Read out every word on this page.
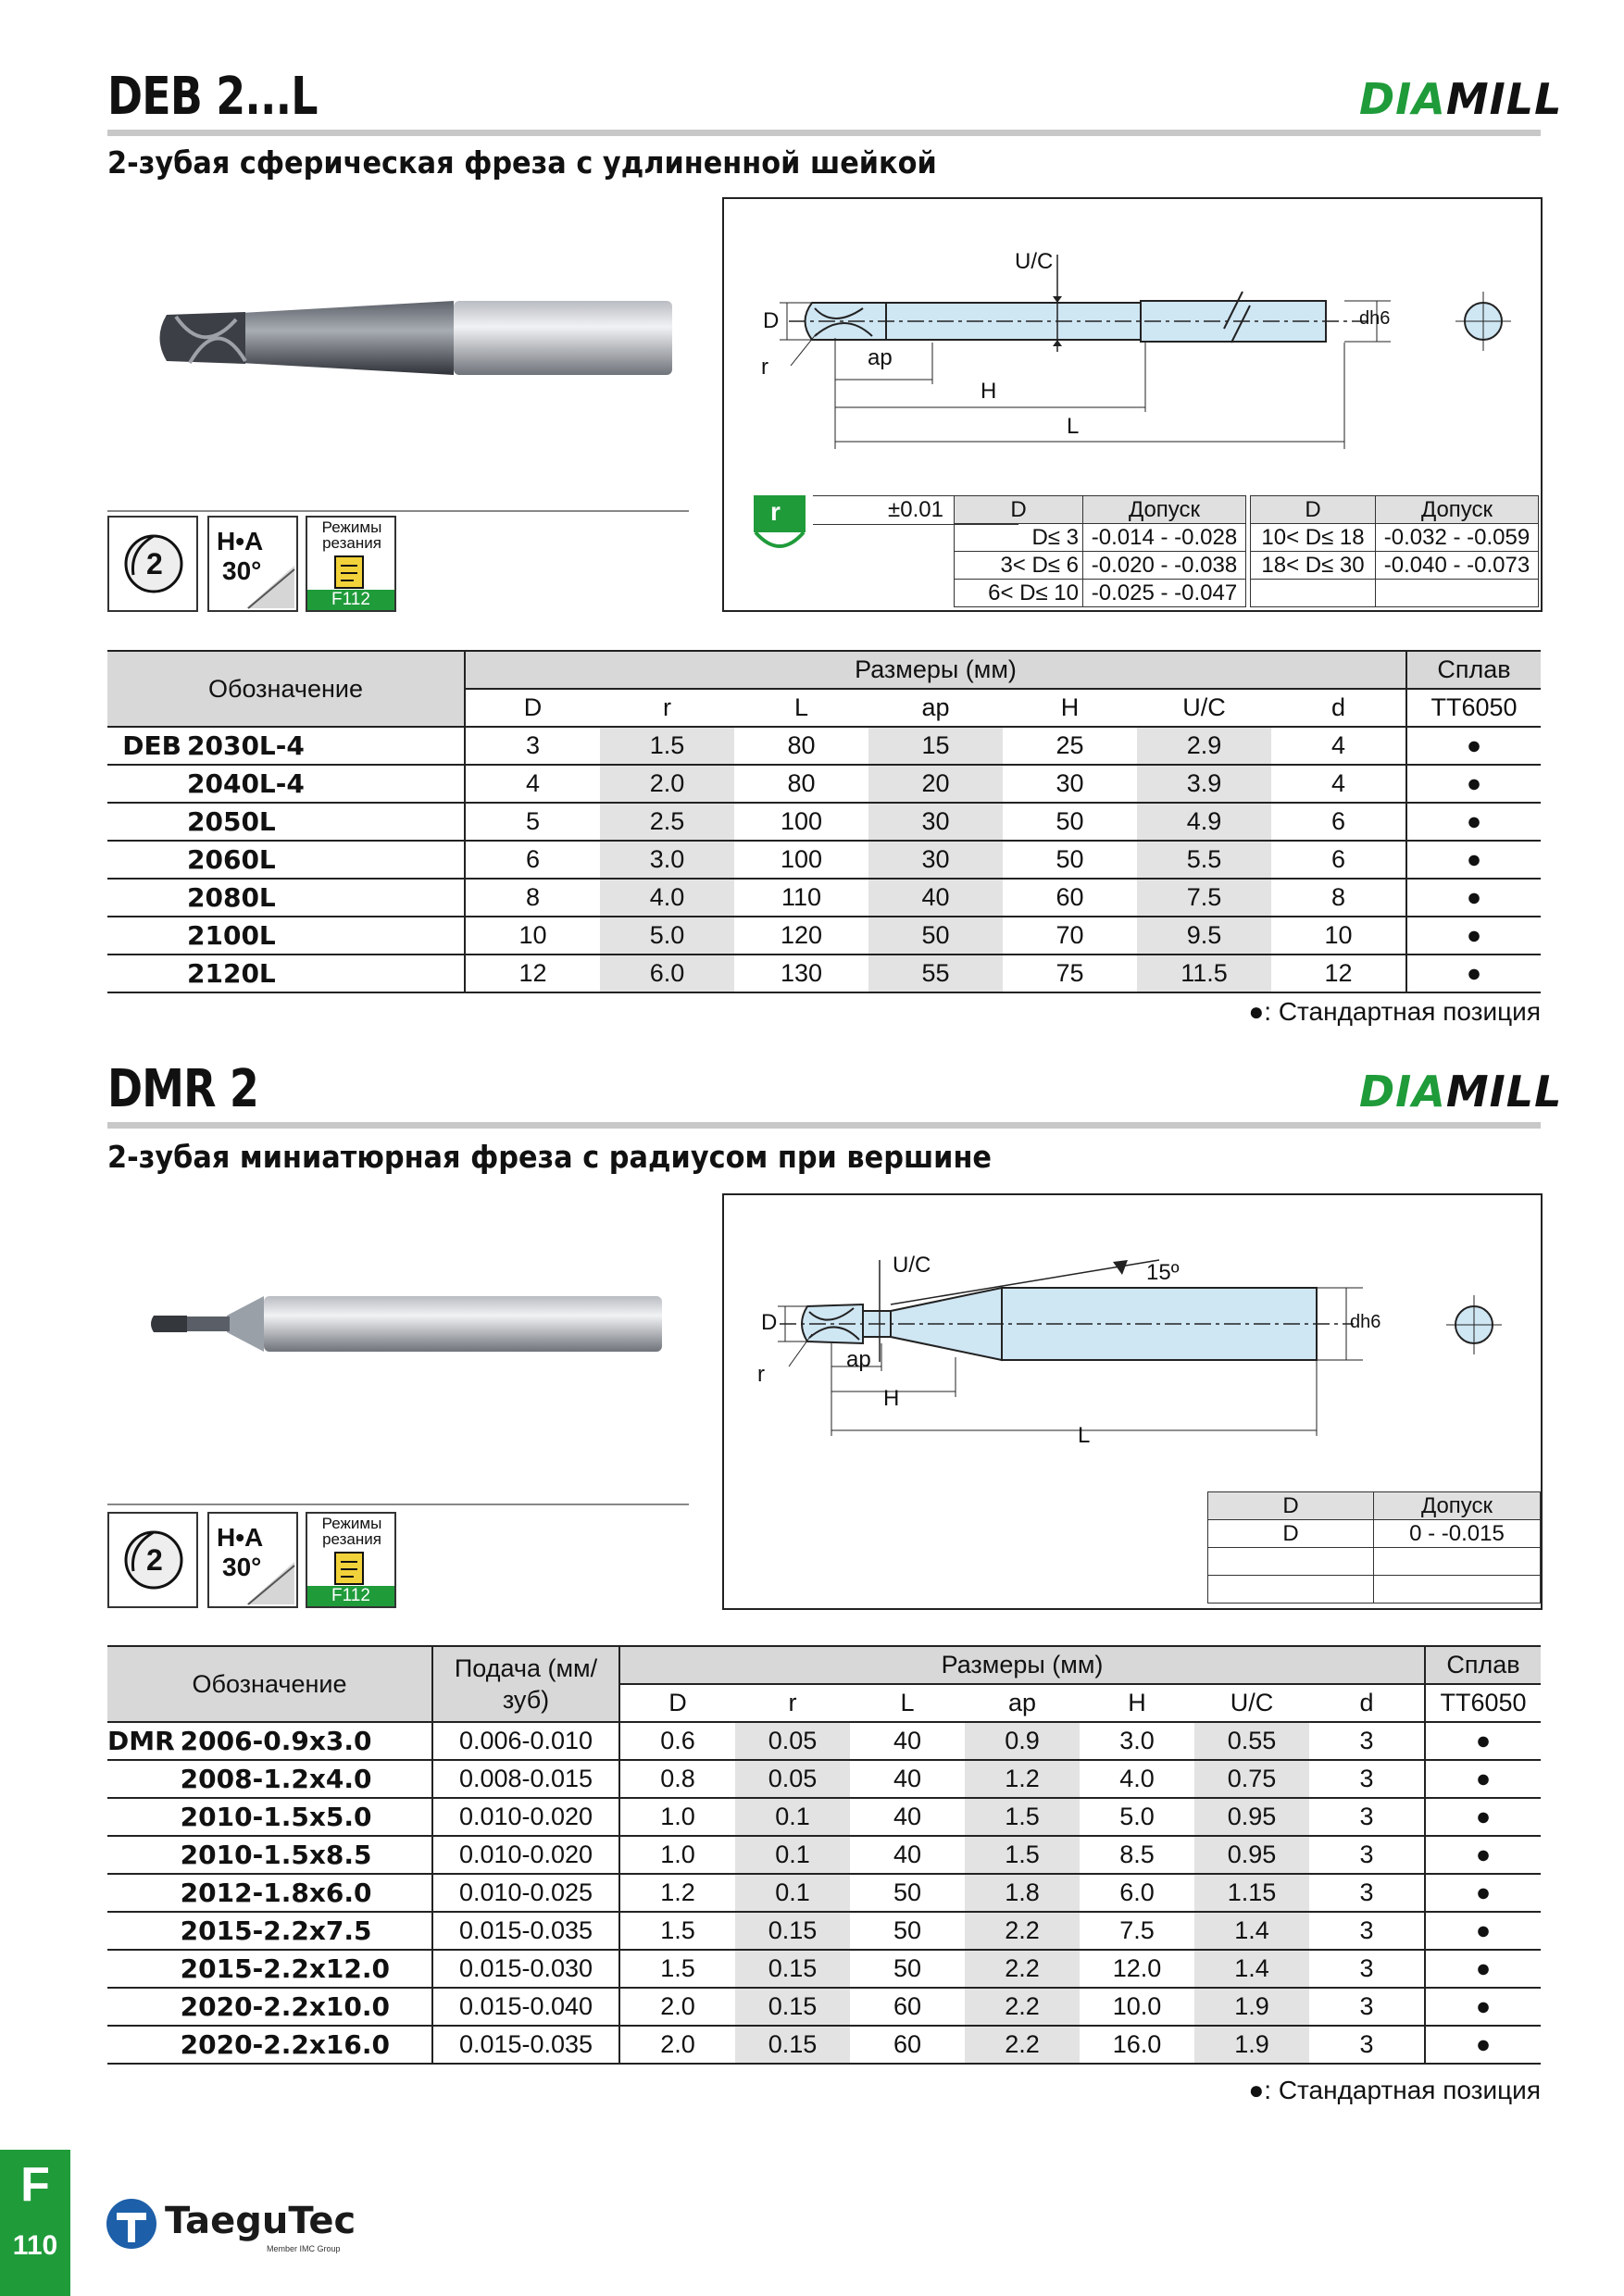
DEB 2...L	DIAMILL
2-зубая сферическая фреза с удлиненной шейкой
2
H•A
30°
Режимы резания
F112
U/C
D
r	ap
H
L
dh6
r	±0.01	D	Допуск
D≤ 3	-0.014 - -0.028
3< D≤ 6	-0.020 - -0.038
6< D≤ 10	-0.025 - -0.047
D	Допуск
10< D≤ 18	-0.032 - -0.059
18< D≤ 30	-0.040 - -0.073

Обозначение		Размеры (мм)							Сплав
		D	r	L	ap	H	U/C	d	TT6050
DEB	2030L-4	3	1.5	80	15	25	2.9	4	●
	2040L-4	4	2.0	80	20	30	3.9	4	●
	2050L	5	2.5	100	30	50	4.9	6	●
	2060L	6	3.0	100	30	50	5.5	6	●
	2080L	8	4.0	110	40	60	7.5	8	●
	2100L	10	5.0	120	50	70	9.5	10	●
	2120L	12	6.0	130	55	75	11.5	12	●
●: Стандартная позиция
DMR 2	DIAMILL
2-зубая миниатюрная фреза с радиусом при вершине
2
H•A
30°
Режимы резания
F112
U/C	15º
D
r
ap
H
L
dh6
D	Допуск
D	0 - -0.015

Обозначение		Подача (мм/зуб)	Размеры (мм)							Сплав
			D	r	L	ap	H	U/C	d	TT6050
DMR	2006-0.9x3.0	0.006-0.010	0.6	0.05	40	0.9	3.0	0.55	3	●
	2008-1.2x4.0	0.008-0.015	0.8	0.05	40	1.2	4.0	0.75	3	●
	2010-1.5x5.0	0.010-0.020	1.0	0.1	40	1.5	5.0	0.95	3	●
	2010-1.5x8.5	0.010-0.020	1.0	0.1	40	1.5	8.5	0.95	3	●
	2012-1.8x6.0	0.010-0.025	1.2	0.1	50	1.8	6.0	1.15	3	●
	2015-2.2x7.5	0.015-0.035	1.5	0.15	50	2.2	7.5	1.4	3	●
	2015-2.2x12.0	0.015-0.030	1.5	0.15	50	2.2	12.0	1.4	3	●
	2020-2.2x10.0	0.015-0.040	2.0	0.15	60	2.2	10.0	1.9	3	●
	2020-2.2x16.0	0.015-0.035	2.0	0.15	60	2.2	16.0	1.9	3	●
●: Стандартная позиция
F
110
TaeguTec
Member IMC Group
